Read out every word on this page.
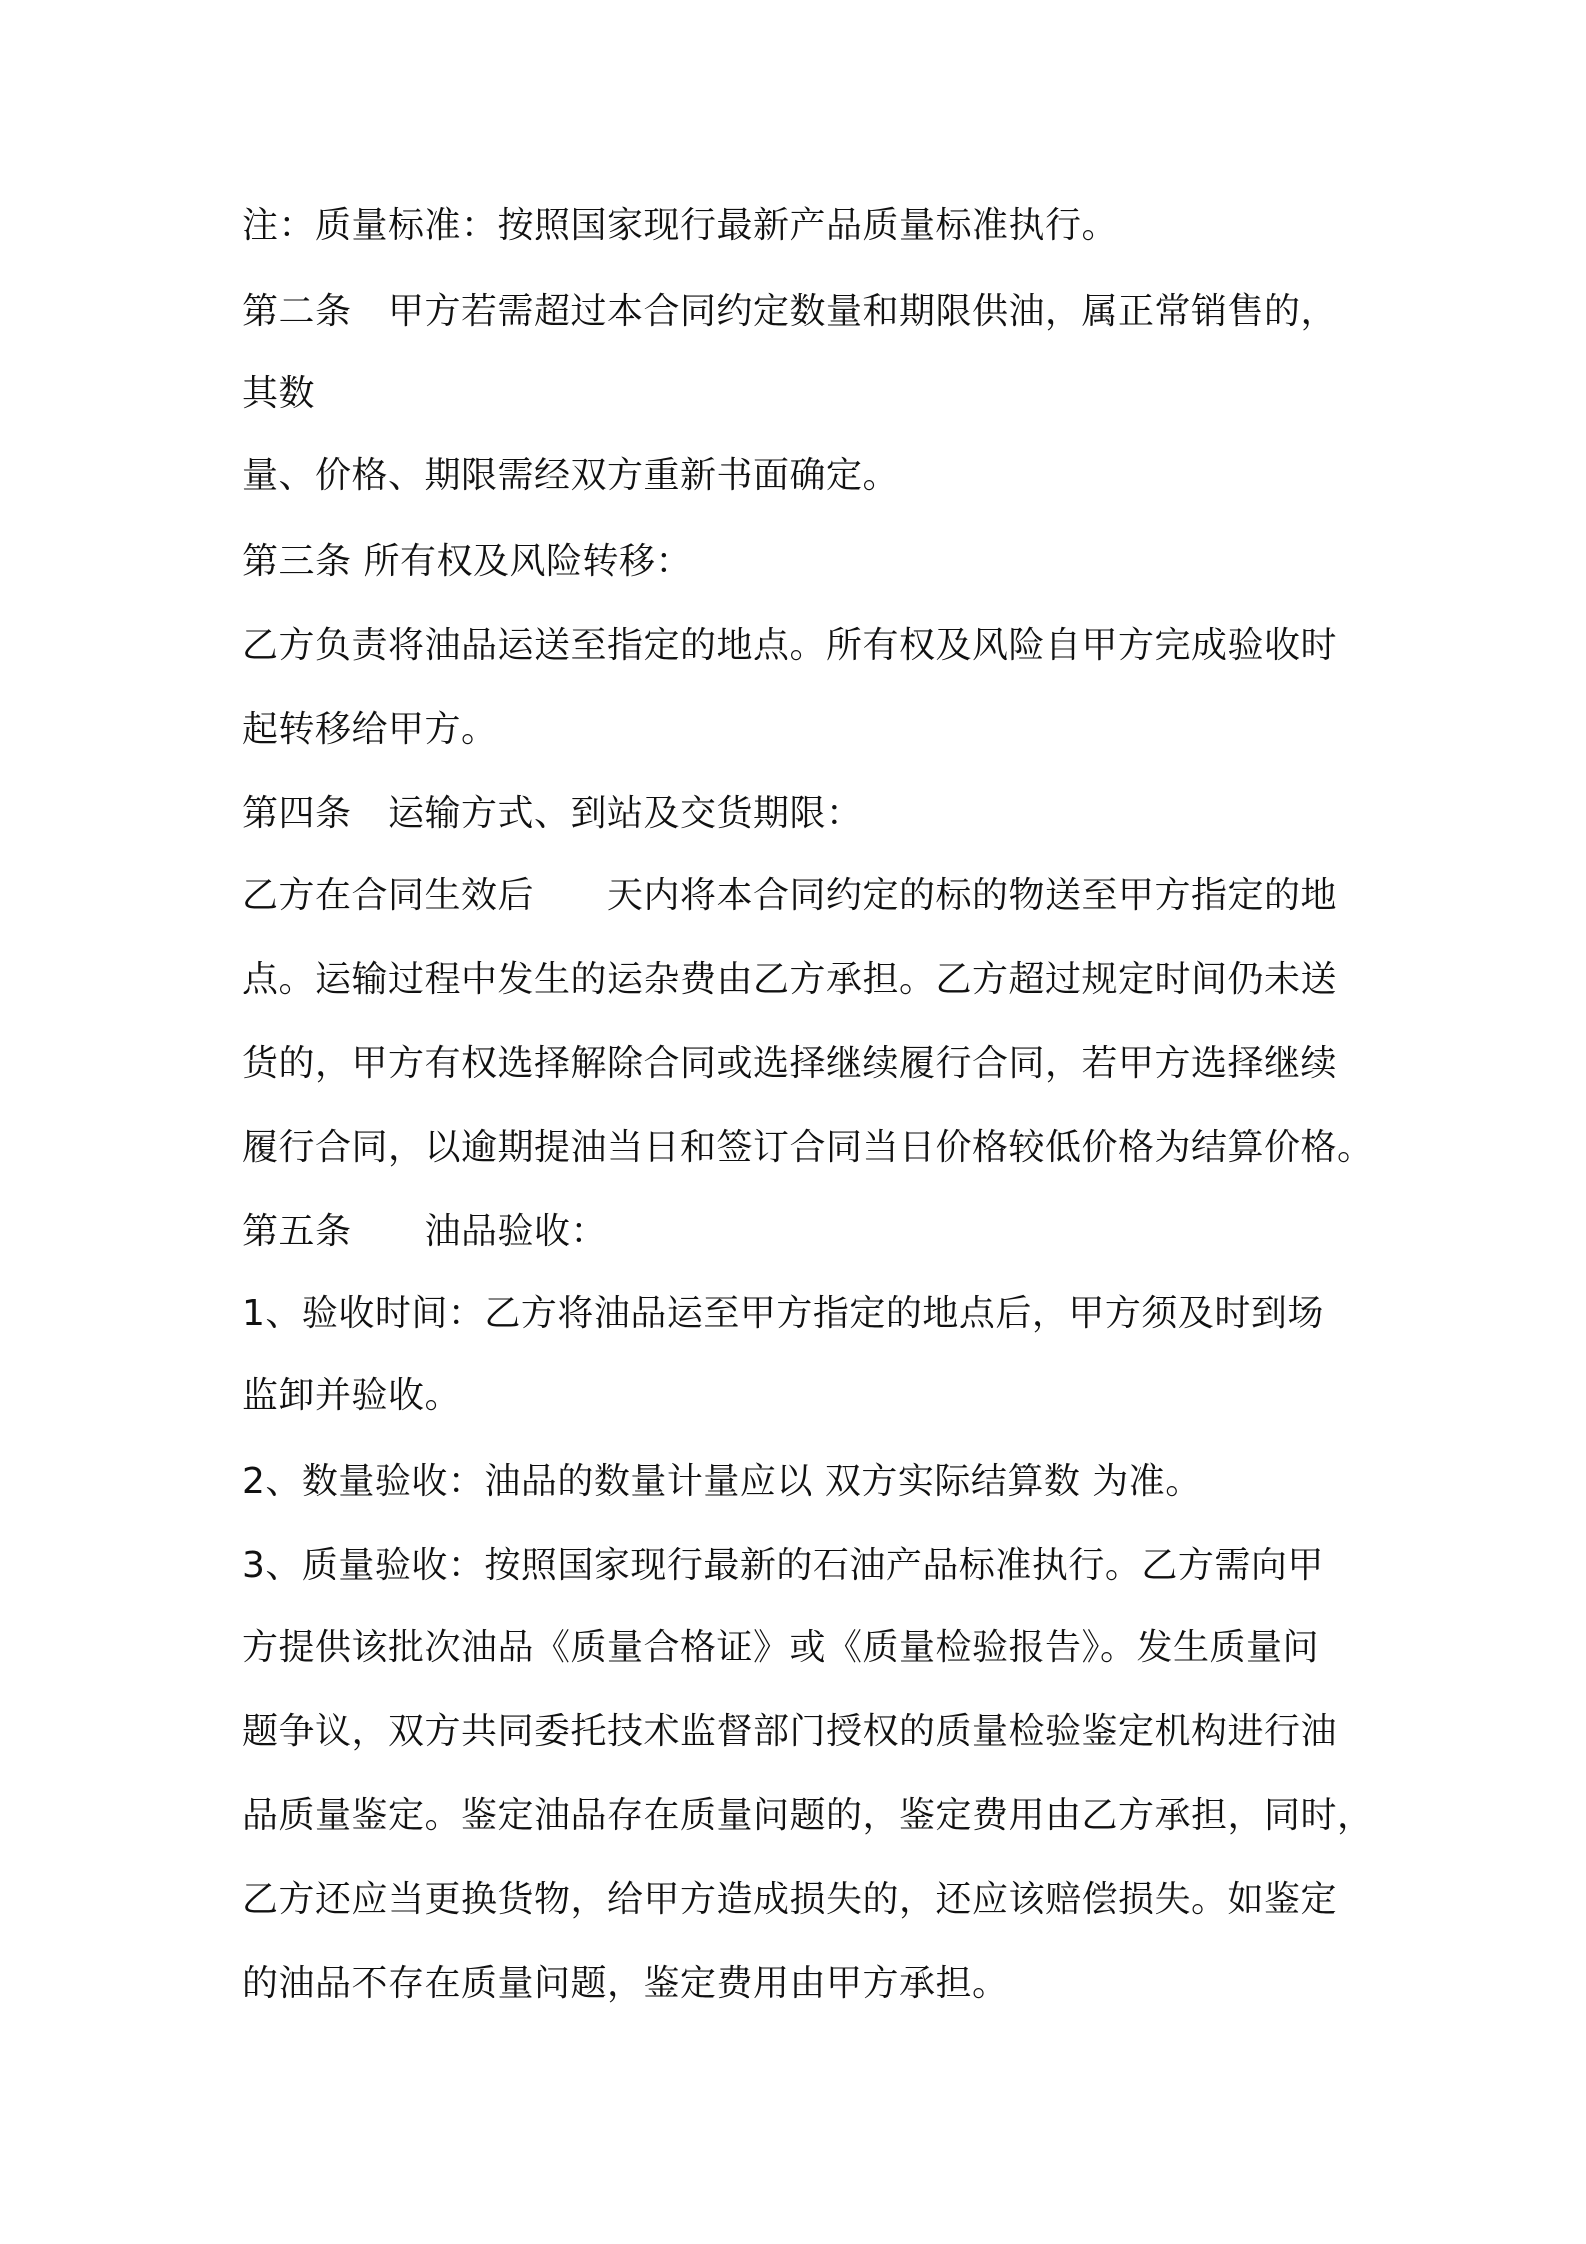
注：质量标准：按照国家现行最新产品质量标准执行。
第二条　甲方若需超过本合同约定数量和期限供油，属正常销售的，
其数
量、价格、期限需经双方重新书面确定。
第三条 所有权及风险转移：
乙方负责将油品运送至指定的地点。所有权及风险自甲方完成验收时
起转移给甲方。
第四条　运输方式、到站及交货期限：
乙方在合同生效后　　天内将本合同约定的标的物送至甲方指定的地
点。运输过程中发生的运杂费由乙方承担。乙方超过规定时间仍未送
货的，甲方有权选择解除合同或选择继续履行合同，若甲方选择继续
履行合同，以逾期提油当日和签订合同当日价格较低价格为结算价格。
第五条　　油品验收：
1、验收时间：乙方将油品运至甲方指定的地点后，甲方须及时到场
监卸并验收。
2、数量验收：油品的数量计量应以 双方实际结算数 为准。
3、质量验收：按照国家现行最新的石油产品标准执行。乙方需向甲
方提供该批次油品《质量合格证》或《质量检验报告》。发生质量问
题争议，双方共同委托技术监督部门授权的质量检验鉴定机构进行油
品质量鉴定。鉴定油品存在质量问题的，鉴定费用由乙方承担，同时，
乙方还应当更换货物，给甲方造成损失的，还应该赔偿损失。如鉴定
的油品不存在质量问题，鉴定费用由甲方承担。
